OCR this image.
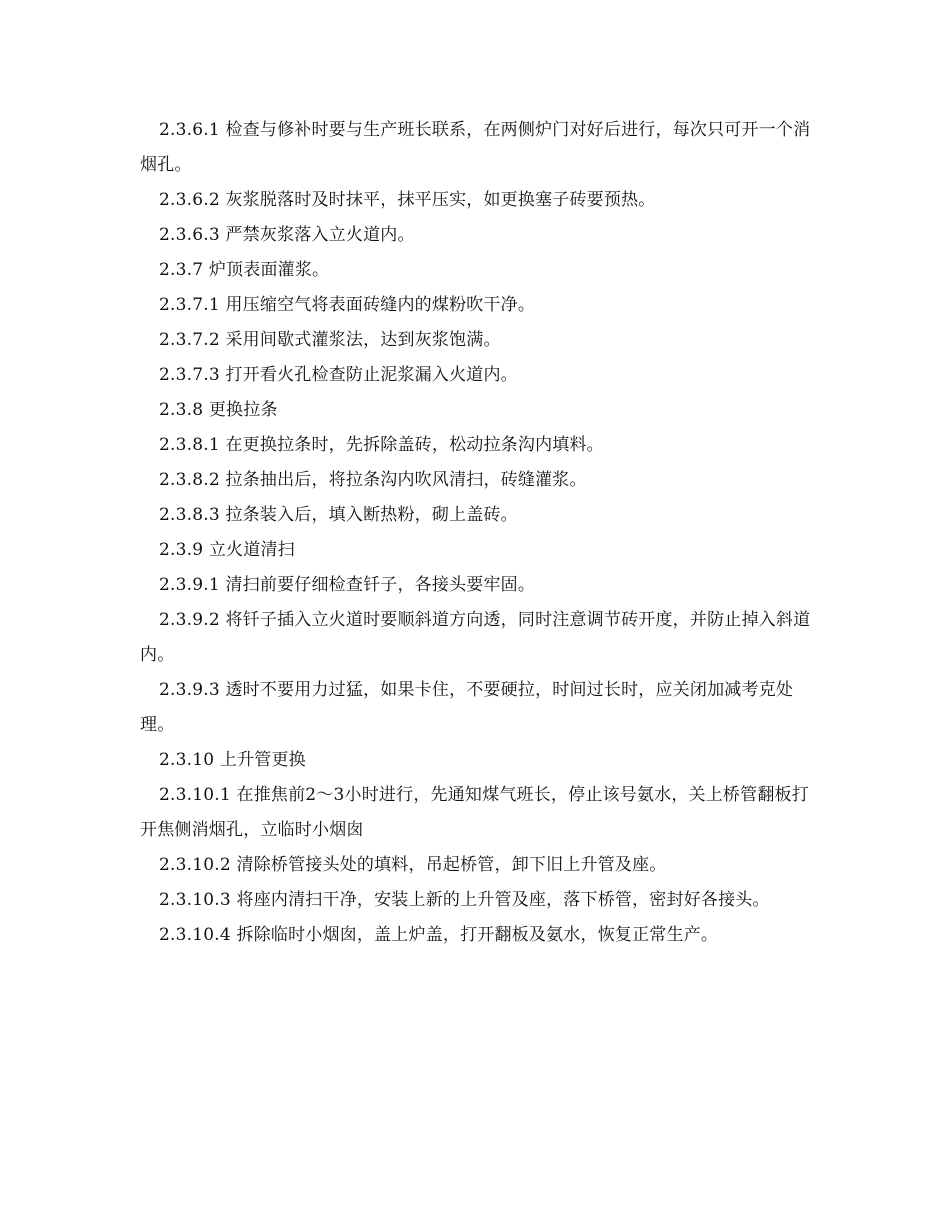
2.3.6.1 检查与修补时要与生产班长联系，在两侧炉门对好后进行，每次只可开一个消烟孔。

2.3.6.2 灰浆脱落时及时抹平，抹平压实，如更换塞子砖要预热。

2.3.6.3 严禁灰浆落入立火道内。

2.3.7 炉顶表面灌浆。

2.3.7.1 用压缩空气将表面砖缝内的煤粉吹干净。

2.3.7.2 采用间歇式灌浆法，达到灰浆饱满。

2.3.7.3 打开看火孔检查防止泥浆漏入火道内。

2.3.8 更换拉条

2.3.8.1 在更换拉条时，先拆除盖砖，松动拉条沟内填料。

2.3.8.2 拉条抽出后，将拉条沟内吹风清扫，砖缝灌浆。

2.3.8.3 拉条装入后，填入断热粉，砌上盖砖。

2.3.9 立火道清扫

2.3.9.1 清扫前要仔细检查钎子，各接头要牢固。

2.3.9.2 将钎子插入立火道时要顺斜道方向透，同时注意调节砖开度，并防止掉入斜道内。

2.3.9.3 透时不要用力过猛，如果卡住，不要硬拉，时间过长时，应关闭加减考克处理。

2.3.10 上升管更换

2.3.10.1 在推焦前2～3小时进行，先通知煤气班长，停止该号氨水，关上桥管翻板打开焦侧消烟孔，立临时小烟囱

2.3.10.2 清除桥管接头处的填料，吊起桥管，卸下旧上升管及座。

2.3.10.3 将座内清扫干净，安装上新的上升管及座，落下桥管，密封好各接头。

2.3.10.4 拆除临时小烟囱，盖上炉盖，打开翻板及氨水，恢复正常生产。
